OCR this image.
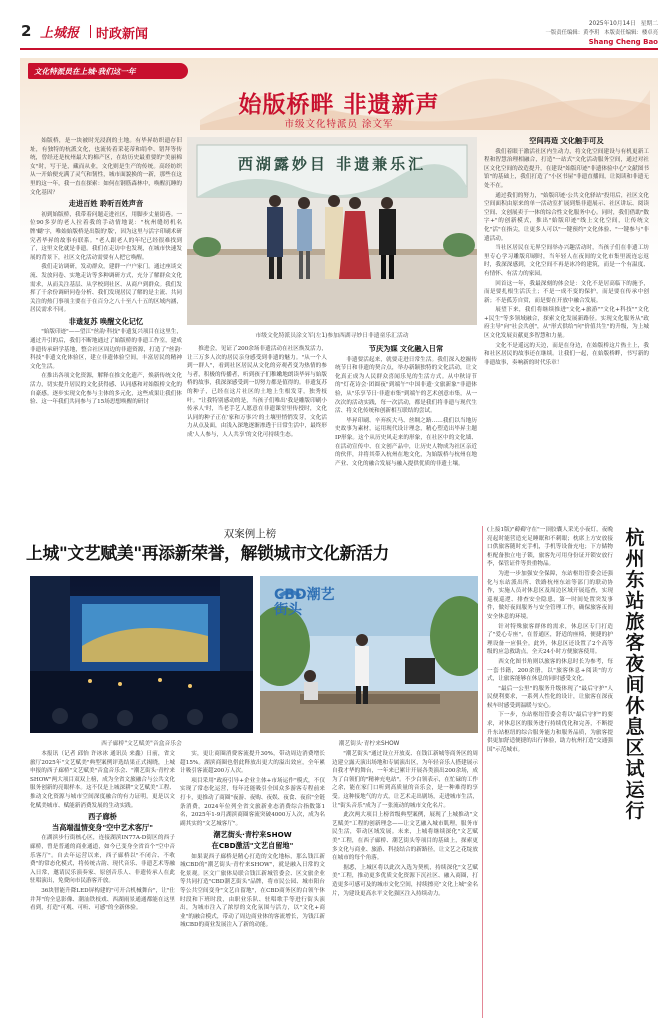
2 上城报 时政新闻
2025年10月14日 星期二
一版责任编辑：黄李玥 本版责任编辑：楼卓亮
Shang Cheng Bao
文化特派员在上城·我们这一年
始版桥畔 非遗新声
市级文化特派员 涂文军

始版桥，是一块被时光浸润的土地。有毕昇纺织遗存旧址，有独特的杭派文化，也流传着采花蒂和绢伞、错拜等传统，曾经还是杭州最大的棉产区，在纺历史最重要的"美丽棉女"时，写于是，藏而从业，文化则是生产的传统。高经纺织从一开始便充满了灵气和韧性，城市面貌换的一新，那些在这里的这一年，我一直在探索：如何在钢筋森林中，唤醒沉睡的文化基因？

走进百姓 聆听百姓声音

初到始版桥，我带着问题走进社区，用脚步丈量街巷。一位90多岁的老人拉着我的手动情地说："杭州缝纫机名牌'蝴'字，唯始始版桥是出版的'版'，因为这里与活字印刷术研究者毕昇的故事有联系。"老人跟老人的年纪已经很难找到了，这里文化就是非遗。我们在走访中也发现，在城市快速发展的背景下，社区文化活动需要有人把它唤醒。

我们走访调研，发动群众，建群一户户家门。通过座谈交流、发放问卷、实地走访等多种调研方式，充分了解群众文化需求，从而关注基层、从学校到社区、从商户到群众。我们发挥了千余份调研问卷分析、我们发现居民了解的是主流、共同关注的热门事项主要在于在百分之八十至八十五的区域内涵，居民需求不同。

非遗复苏 唤醒文化记忆

"始版印迹"——望江"丝韵·科技"非遗复兴项目在这里生，通过升引的后，我们不断地通过了始版桥的非遗工作室，建成非遗传承研学基地，整合社区周边的非遗资源，打造了"丝韵·科技"非遗文化体验区，建立非遗体验空间，丰富居民的精神文化生活。

在推出各项文化资源，解释在推文化遗产，焕新传统文化活力，切实提升居民的文化获得感、认同感和对始版桥文化的自豪感。逐步实现文化参与主体的多元化，这些成果让我们体验、这一年我们共同参与了15场思想唤醒的研讨

西湖露妙目 非遗兼乐汇
市级文化特派员涂文军(左1)参加西湖寻妙日非遗童乐汇活动

推进会，见证了200余场非遗活动在社区焕发活力，让三万多人次的居民亲身感受到非遗的魅力。"从一个人到一群人"，看到社区居民从文化的旁观者变为热情的参与者，积极的传播者，听到孩子们稚嫩地朗读毕昇与始版桥的故事，我深深感受到一切努力都是值得的。非遗复苏的种子，已经在这片社区的土地上生根发芽，独秀枝叶。"让我特别感动的是，当孩子们唯出'我是雕版印刷小传承人'时，当老手艺人愿意在非遗课堂里传授时，文化认同的种子正在'家和万事兴'的土壤里悄悄发芽，文化活力从点及面，由浅入深地逐渐渗透于日常生活中，最终形成'人人参与，人人共享'的文化可持续生态。

节庆为媒 文化融入日常

非遗要活起来，就要走进日常生活。我们深入挖掘传统节日和非遗的契合点，举办新颖独特的文化活动，让文化真正成为人民群众喜闻乐见的生活方式。从中秋诗节的"灯花诗会·团圆夜"到端午"中国非遗·文旅新象"非遗体验，从"乐享节日·非遗市集"到端午的艺术创意市集，从一次次的活动实践，每一次活动，都是我们将非遗与现代生活、将文化传统和创新相互联结的尝试。

毕昇印刷、辛弃疾大马、丝绸之路……我们以当地历史故事为素材，运用现代设计理念，精心塑造出毕昇主题IP形象。这个从历史风走来的形象，在社区中的文化墙、在活动宣传中、在文创产品中，让历史人物成为社区亲近的伙伴，并将其带入杭州在地文化，为始版桥与杭州在地产业、文化的融合发展与融入提供优质的非遗土壤。

空间再造 文化触手可及

我们着眼于激活社区内生动力，将文化空间建设与有机更新工程和智慧治理相融合，打造"一站式"文化活动服务空间，通过对社区文化空间的改造提升，在建设"始版印迹"非遗体验中心"文献图书馆"的基础上，我们打造了"小区书屋"非遗直播间，让阅读和非遗无处不在。

通过我们的努力，"始版印迹·公共文化驿站"投用后，社区文化空间面积由原来的单一活动室扩展到集非遗展示、社区讲坛、阅读空间、文创展卖于一体的综合性文化服务中心。同时，我们借助"数字+"的创新模式，推出"始版印迹"线上文化空间，让传统文化"活"在指尖，让更多人可以"一键预约"文化体验、"一键参与"非遗活动。

当社区居民在无界空间举办兴趣活动时，当孩子们在非遗工坊里专心学习雕版印刷时，当年轻人在夜间的文化市集里流连忘返时，我深深感到，文化空间不再是冰冷的建筑，而是一个有温度、有情怀、有活力的家园。

回首这一年，我最深刻的体会是：文化不是居高临下的施予，而是要扎根生活沃土；不是一成不变的保护，而是要在传承中创新；不是孤芳自赏，而是要在开放中融合发展。

展望下来，我们将继续推进"文化+旅游""文化+科技""文化+民生"等多领域融合，探索文化发展新路径。实现文化服务从"政府主导"向"社会共创"，从"形式供给"向"价值共生"的升级，为上城区文化发展贡献更多智慧和力量。

文化不是遥远的天边，而是在身边，在始版桥这片热土上，我和社区居民的故事还在继续。让我们一起，在始版桥畔，书写新的非遗故事，奏响新的时代乐章！

双案例上榜
上城"文艺赋美"再添新荣誉，解锁城市文化新活力
西子廊桥"文艺赋美"音盒音乐会
CBD潮艺
街头
潮艺街头·青柠来SHOW

本报讯（记者 邱怡 许冰冰 通讯员 来鑫）日前，省文旅厅2025年"文艺赋美"典型案例评选结果正式揭晓，上城申报的西子廊桥"文艺赋美"音盒音乐会、"潮艺街头·青柠来SHOW"两大项目双双上榜，成为全省文旅融合与公共文化服务创新的亮眼样本。这不仅是上城深耕"文艺赋美"工程、推动文化资源与城市空间深度融合的有力证明，更是以文化赋美城市、赋能新消费发展的生动实践。

西子廊桥
当高端温情变身"空中艺术客厅"

在湖滨步行街核心区，连接湖滨IN77A-D街区的西子廊桥，曾是普通的商业通道，如今已变身全省首个"空中音乐客厅"。自去年运营以来，西子廊桥以"不闭合、不收费"的常态化模式，将传统古韵、现代音乐、非遗艺术等融入日常，邀请民乐演奏家、原创音乐人、非遗传承人在此驻唱演出，免费向市民游客开放。

36块智能升降LED屏构建的"可开合机械舞台"，让"仕井拜"的全息影像、潮汕铁枝戏、西湖雨景通通都能在这里看到，打造"可观、可听、可感"的全新体验。

实，更让商圈消费客流提升30%，带动周边消费增长超15%。湖滨商圈也借此释放出更大的溢出效应，全年累计吸引客流超200万人次。

项目采用"政府引导+企业主体+市场运作"模式，不仅实现了常态化运营，每年还能吸引全国众多游客专程前来打卡，更推动了商圈"夜游、夜购、夜娱、夜食、夜宿"全链条消费，2024年位列全省文旅新业态消费综合指数第1名，2025年1-9月湖滨商圈客流突破4000万人次，成为名副其实的"文艺城客厅"。

潮艺街头·青柠来SHOW
在CBD激活"文艺自留地"

如果说西子廊桥是精心打造的文化地标，那么钱江新城CBD的"潮艺街头·青柠来SHOW"，就是融入日常的文化景观。区文广旅体局联合钱江新城管委会、区文旅企业等共同打造"CBD潮艺街头"品牌，将市民公园、城市阳台等公共空间变身"文艺自留地"，在CBD商务区的白领午休时段和下班时段，由职业乐队、驻唱歌手等进行街头演出，为城市注入了浓厚的文化氛围与活力，以"文化+商业"的融合模式，带动了周边商业体的客流增长，为钱江新城CBD的商业发展注入了新的动能。

"潮艺街头"通过设立开放麦、在钱江新城等商务区的周边建立露天演出场地和专属演出区，为年轻音乐人搭建展示自我才华的舞台，一年来已累计开展各类演出200余场，成为了白领们的"精神充电站"。不少白领表示，在忙碌的工作之余，能在家门口听到高质量的音乐会，是一种难得的享受。这种接地气的方式，让艺术走出剧场，走进城市生活，让"街头音乐"成为了一张流动的城市文化名片。

此次两大项目上榜省级典型案例，展现了上城推动"文艺赋美"工程的创新理念——让文艺融入城市肌理，服务市民生活，带动区域发展。未来，上城将继续深化"文艺赋美"工程，在西子廊桥、潮艺街头等项目的基础上，探索更多文化与商业、旅游、科技结合的新路径，让文艺之花绽放在城市的每个角落。

据悉，上城区将以此次入选为契机，持续深化"文艺赋美"工程，推动更多优质文化资源下沉社区、融入商圈，打造更多可感可及的城市文化空间，持续擦亮"文化上城"金名片，为建设更高水平文化强区注入持续动力。

(上接1版)"薅薅守在"一顶胶囊人采光小夜灯，夜晚亮起时能营造充足睡眠和不刺眼；枕席上方安放接口供旅客随时充手机，手机等设备充电；下方储物柜配备独立电子锁，旅客先可用身份证开锁安放行李，保管证件等贵重物品。

为进一步加强安全保障，东站枢纽管委会还强化与东站派出所、铁路杭州东站等部门的联动协作，实施人员对休息区及周边区域开展巡查，实现巡视巡逻、排查安全隐患，第一时间处置突发事件，做好夜间服务与安全管理工作，确保旅客夜间安全休息的环境。

针对特殊旅客群体的需求，休息区专门打造了"爱心专座"，在普通区，舒适的座椅，便捷的护理设备一应俱全。此外，休息区还设置了2个高等级的应急救助点，全天24小时方便旅客使用。

西文化图书角则以旅客的休息时长为参考，每一套书籍，200余册，以"旅客休息+阅读"的方式，让旅客能够在休息的同时感受文化。

"最后一公里"的服务升级体现了"最后守护"人民便利要求，一系列人性化的设计，让旅客在深夜候车时感受到温暖与安心。

下一步，东站枢纽管委会将以"最后守护"的要求，对休息区的服务进行持续优化和完善，不断提升东站枢纽的综合服务能力和服务品质，为旅客提供更加舒适便捷的出行体验，助力杭州打造"交通强国"示范城市。

杭州东站旅客夜间休息区试运行
